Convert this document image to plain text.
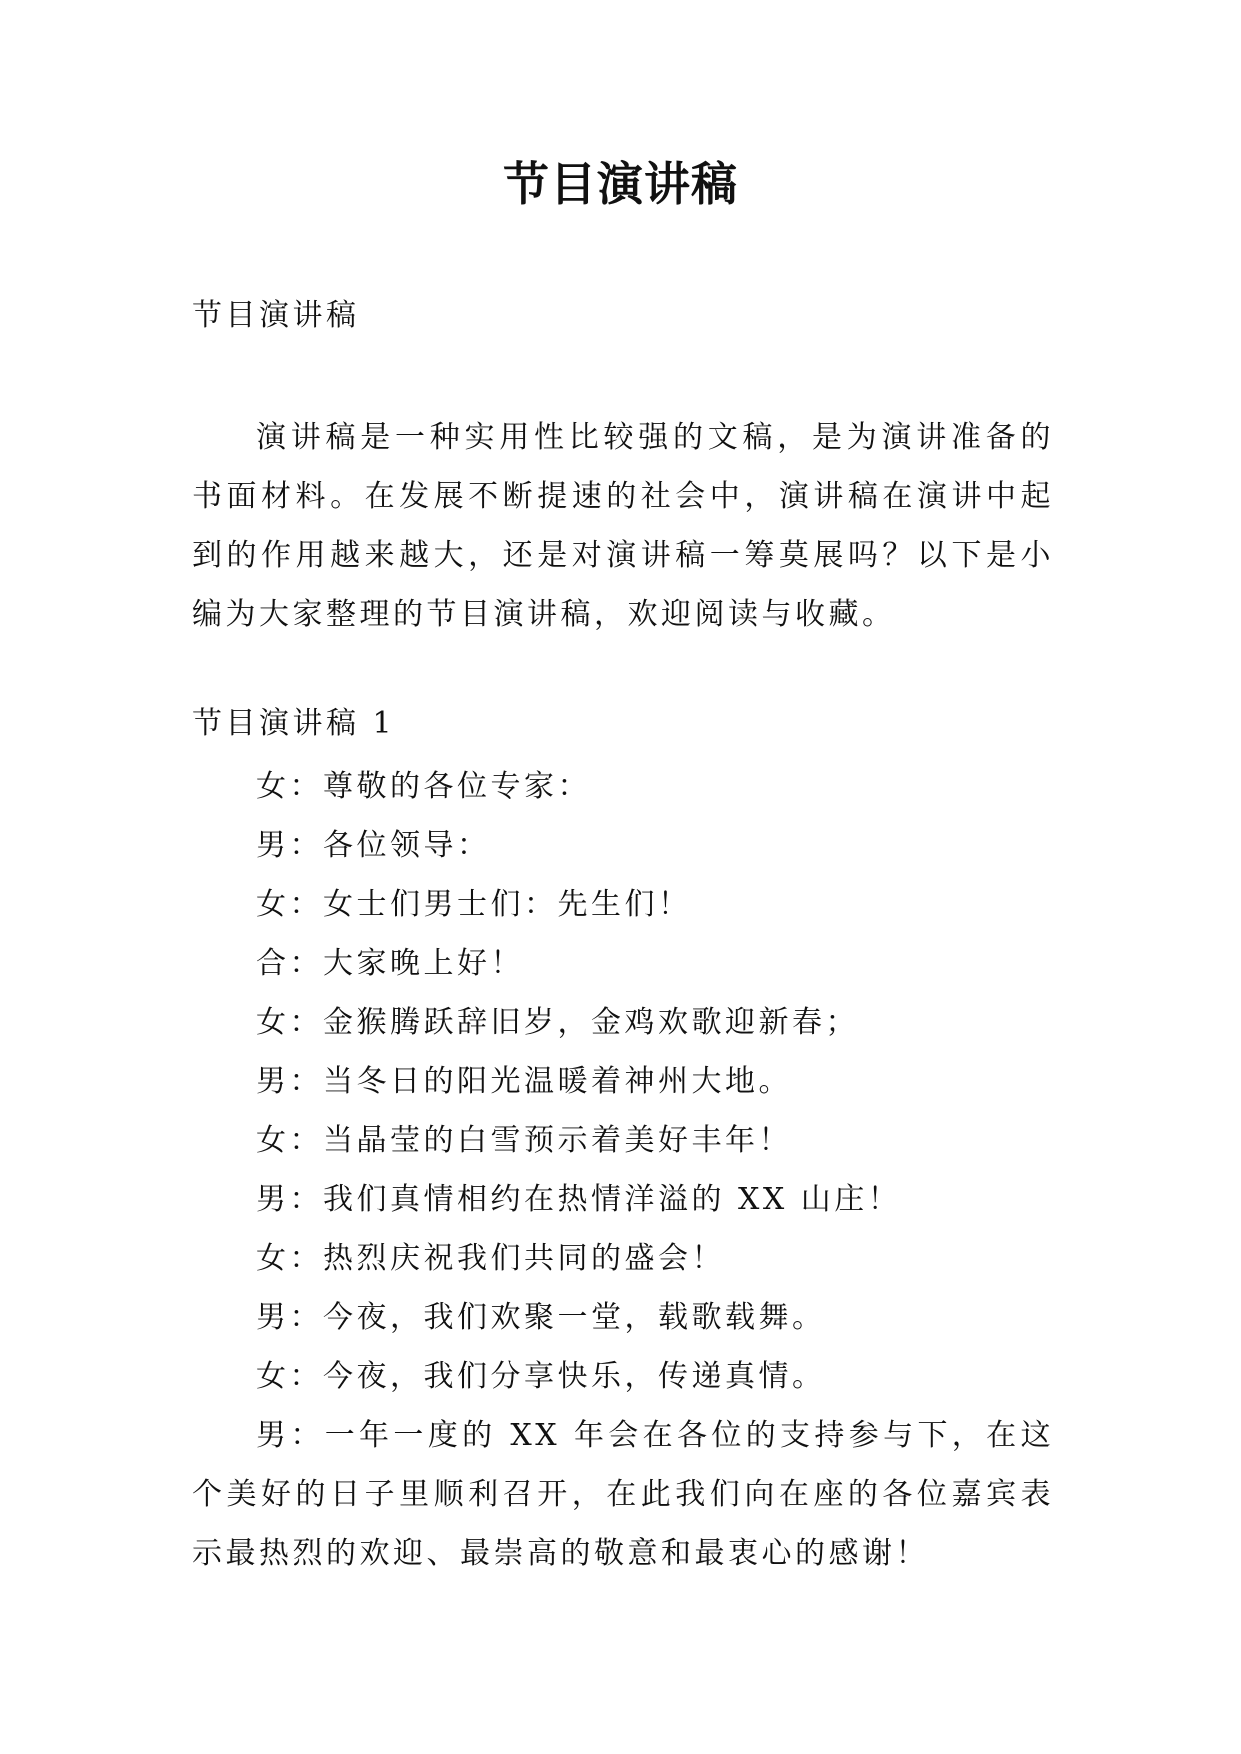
节目演讲稿

节目演讲稿

演讲稿是一种实用性比较强的文稿，是为演讲准备的书面材料。在发展不断提速的社会中，演讲稿在演讲中起到的作用越来越大，还是对演讲稿一筹莫展吗？以下是小编为大家整理的节目演讲稿，欢迎阅读与收藏。

节目演讲稿 1

女：尊敬的各位专家：
男：各位领导：
女：女士们男士们：先生们！
合：大家晚上好！
女：金猴腾跃辞旧岁，金鸡欢歌迎新春；
男：当冬日的阳光温暖着神州大地。
女：当晶莹的白雪预示着美好丰年！
男：我们真情相约在热情洋溢的 XX 山庄！
女：热烈庆祝我们共同的盛会！
男：今夜，我们欢聚一堂，载歌载舞。
女：今夜，我们分享快乐，传递真情。
男：一年一度的 XX 年会在各位的支持参与下，在这个美好的日子里顺利召开，在此我们向在座的各位嘉宾表示最热烈的欢迎、最崇高的敬意和最衷心的感谢！
